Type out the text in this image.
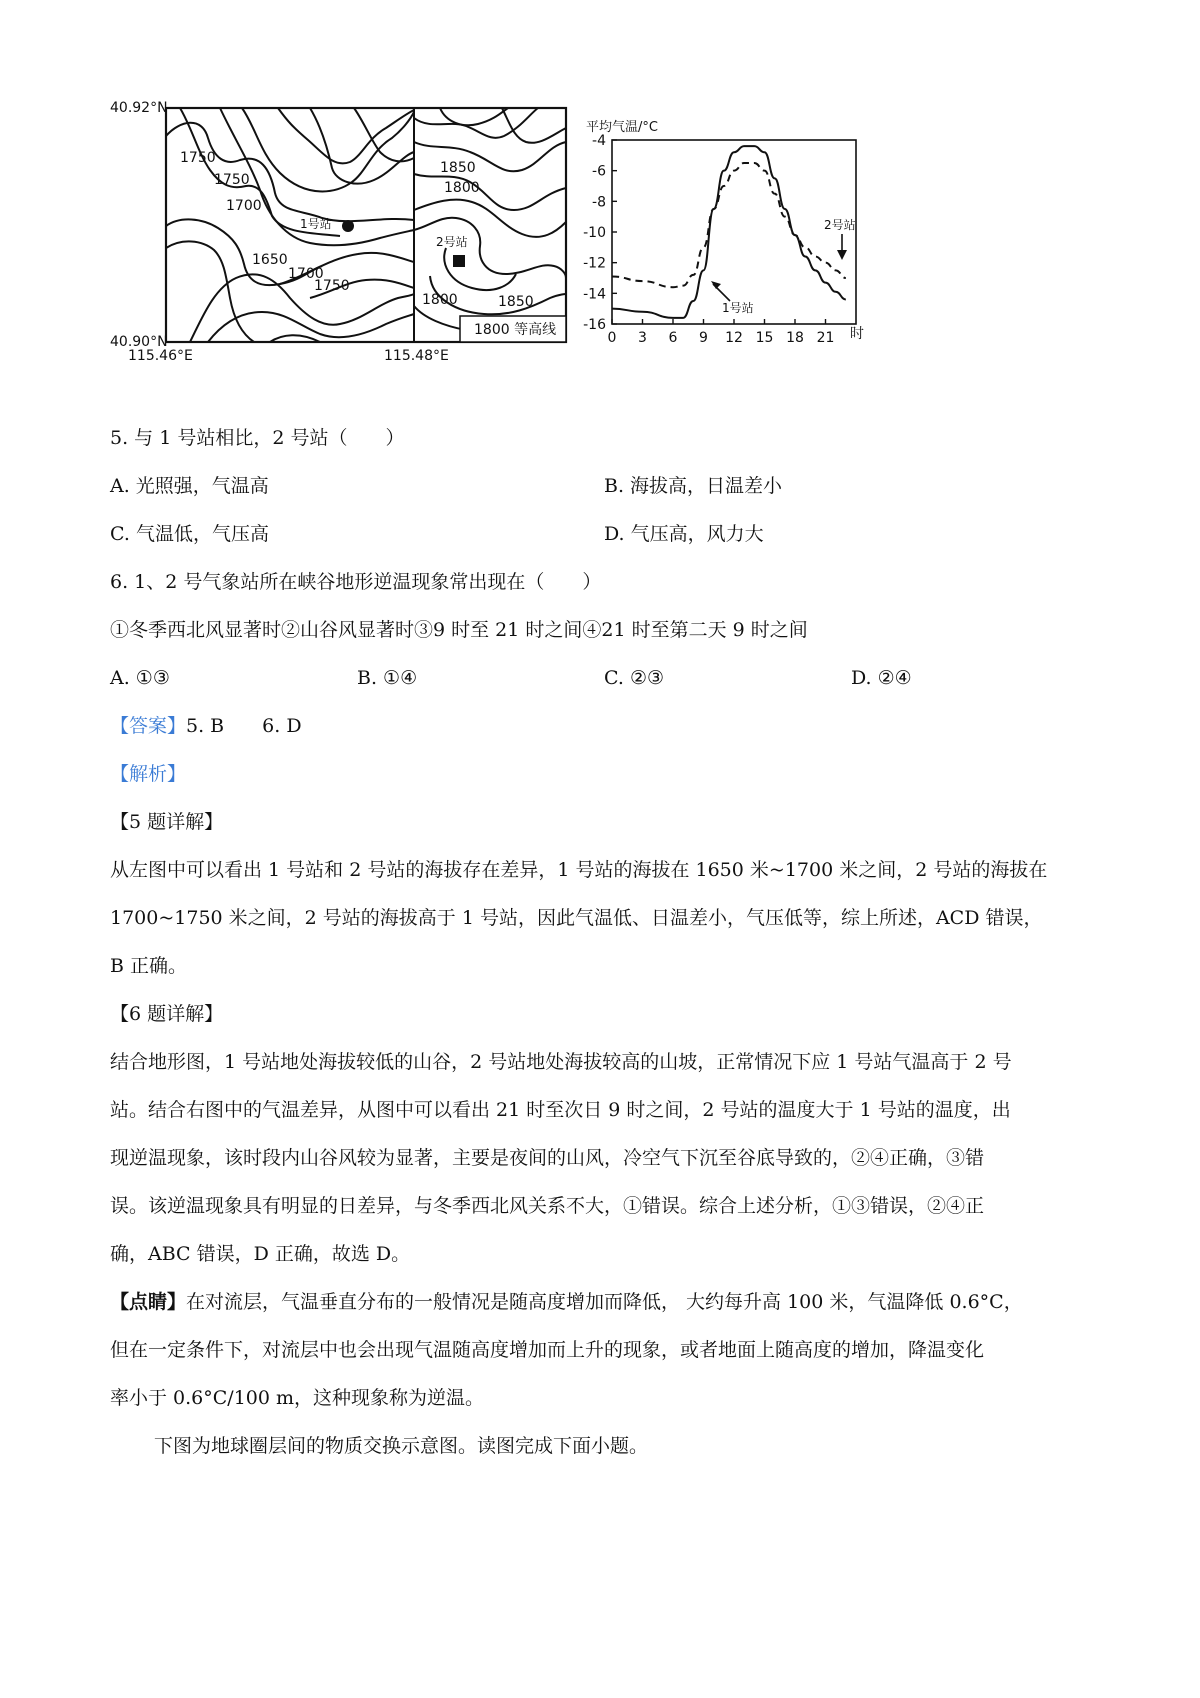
40.92°N
40.90°N
115.46°E	115.48°E
1号站
2号站
1800 等高线
1750
1750
1700
1650
1700
1750
1850
1800
1800	1850
平均气温/°C
时
-4
-6
-8
-10
-12
-14
-16
0 3 6 9 12 15 18 21
1号站
2号站
5. 与 1 号站相比，2 号站（　　）
A. 光照强，气温高	B. 海拔高，日温差小
C. 气温低，气压高	D. 气压高，风力大
6. 1、2 号气象站所在峡谷地形逆温现象常出现在（　　）
①冬季西北风显著时②山谷风显著时③9 时至 21 时之间④21 时至第二天 9 时之间
A. ①③	B. ①④	C. ②③	D. ②④
【答案】5. B　　6. D
【解析】
【5 题详解】

从左图中可以看出 1 号站和 2 号站的海拔存在差异，1 号站的海拔在 1650 米~1700 米之间，2 号站的海拔在

1700~1750 米之间，2 号站的海拔高于 1 号站，因此气温低、日温差小，气压低等，综上所述，ACD 错误，

B 正确。

【6 题详解】

结合地形图，1 号站地处海拔较低的山谷，2 号站地处海拔较高的山坡，正常情况下应 1 号站气温高于 2 号

站。结合右图中的气温差异，从图中可以看出 21 时至次日 9 时之间，2 号站的温度大于 1 号站的温度，出

现逆温现象，该时段内山谷风较为显著，主要是夜间的山风，冷空气下沉至谷底导致的，②④正确，③错

误。该逆温现象具有明显的日差异，与冬季西北风关系不大，①错误。综合上述分析，①③错误，②④正

确，ABC 错误，D 正确，故选 D。

【点睛】在对流层，气温垂直分布的一般情况是随高度增加而降低， 大约每升高 100 米，气温降低 0.6°C，

但在一定条件下，对流层中也会出现气温随高度增加而上升的现象，或者地面上随高度的增加，降温变化

率小于 0.6°C/100 m，这种现象称为逆温。

下图为地球圈层间的物质交换示意图。读图完成下面小题。
